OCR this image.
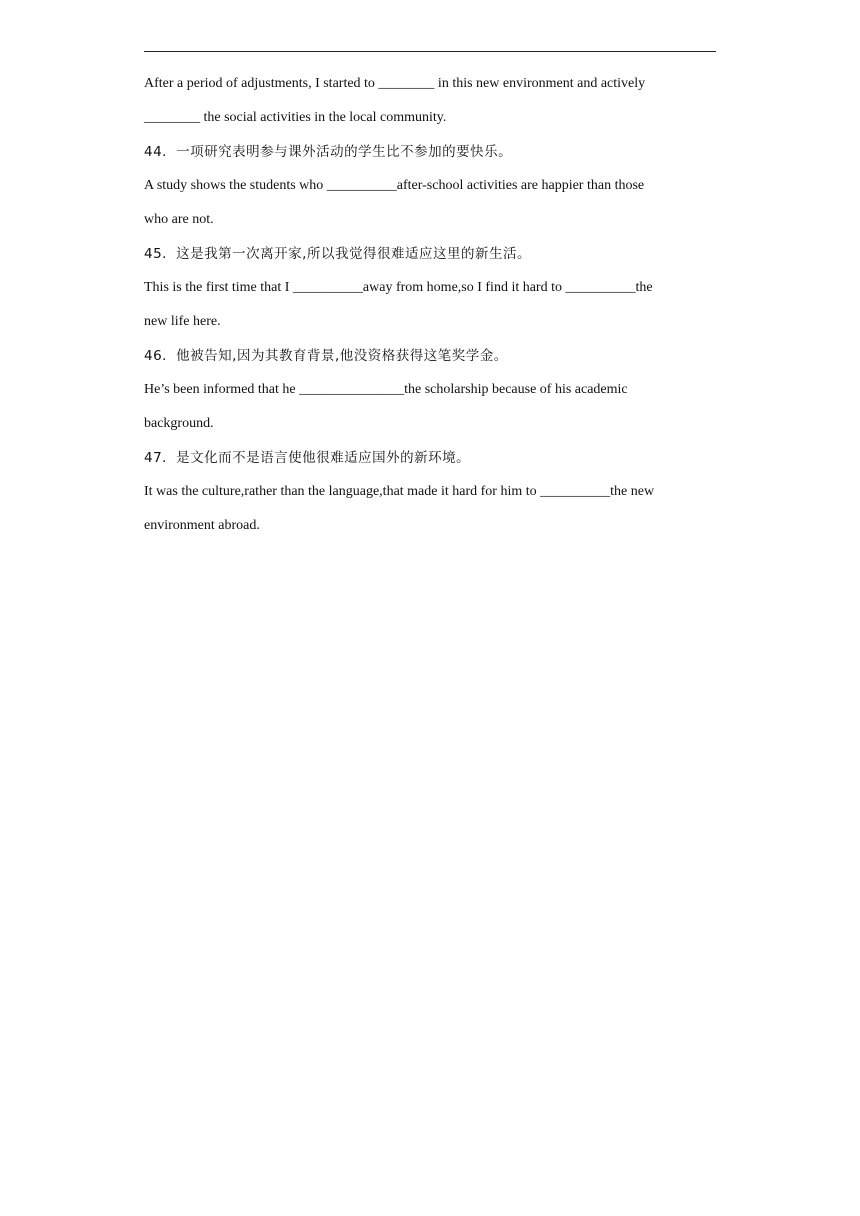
After a period of adjustments, I started to ________ in this new environment and actively
________ the social activities in the local community.
44．一项研究表明参与课外活动的学生比不参加的要快乐。
A study shows the students who __________after-school activities are happier than those
who are not.
45．这是我第一次离开家,所以我觉得很难适应这里的新生活。
This is the first time that I __________away from home,so I find it hard to __________the
new life here.
46．他被告知,因为其教育背景,他没资格获得这笔奖学金。
He’s been informed that he _______________the scholarship because of his academic
background.
47．是文化而不是语言使他很难适应国外的新环境。
It was the culture,rather than the language,that made it hard for him to __________the new
environment abroad.
